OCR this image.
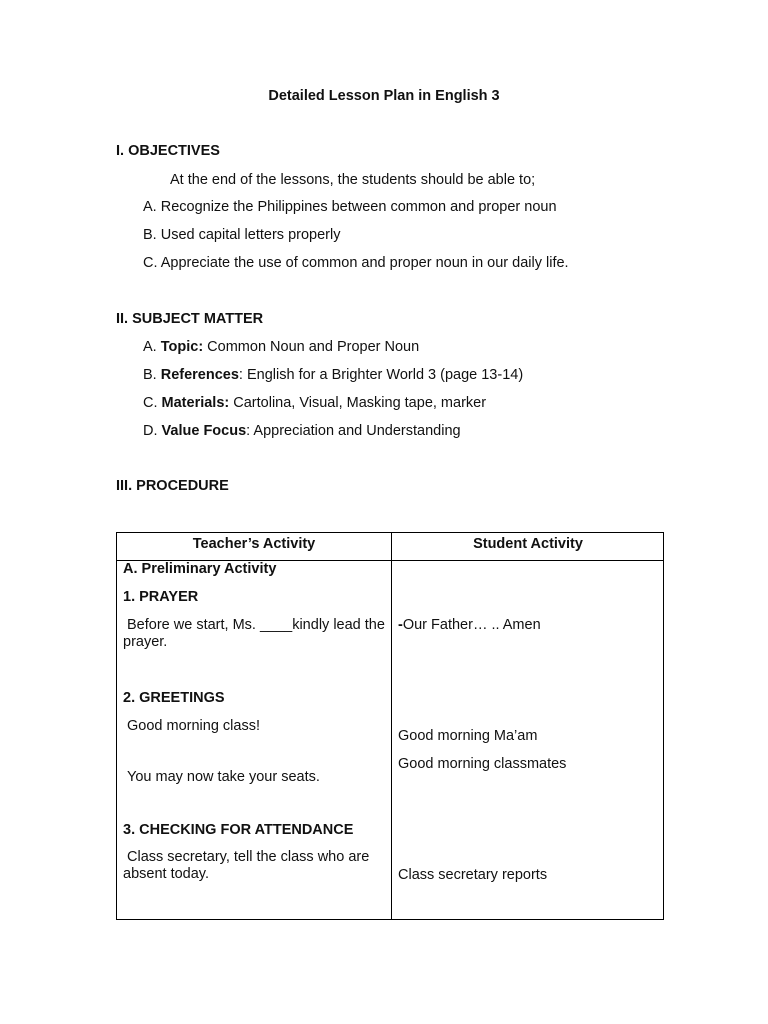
Detailed Lesson Plan in English 3
I. OBJECTIVES
At the end of the lessons, the students should be able to;
A. Recognize the Philippines between common and proper noun
B. Used capital letters properly
C. Appreciate the use of common and proper noun in our daily life.
II. SUBJECT MATTER
A. Topic: Common Noun and Proper Noun
B. References: English for a Brighter World 3 (page 13-14)
C. Materials: Cartolina, Visual, Masking tape, marker
D. Value Focus: Appreciation and Understanding
III. PROCEDURE
Teacher’s Activity	Student Activity
A. Preliminary Activity
1. PRAYER
Before we start, Ms. ____kindly lead the prayer.
2. GREETINGS
Good morning class!
You may now take your seats.
3. CHECKING FOR ATTENDANCE
Class secretary, tell the class who are absent today.
-Our Father… .. Amen
Good morning Ma’am
Good morning classmates
Class secretary reports
